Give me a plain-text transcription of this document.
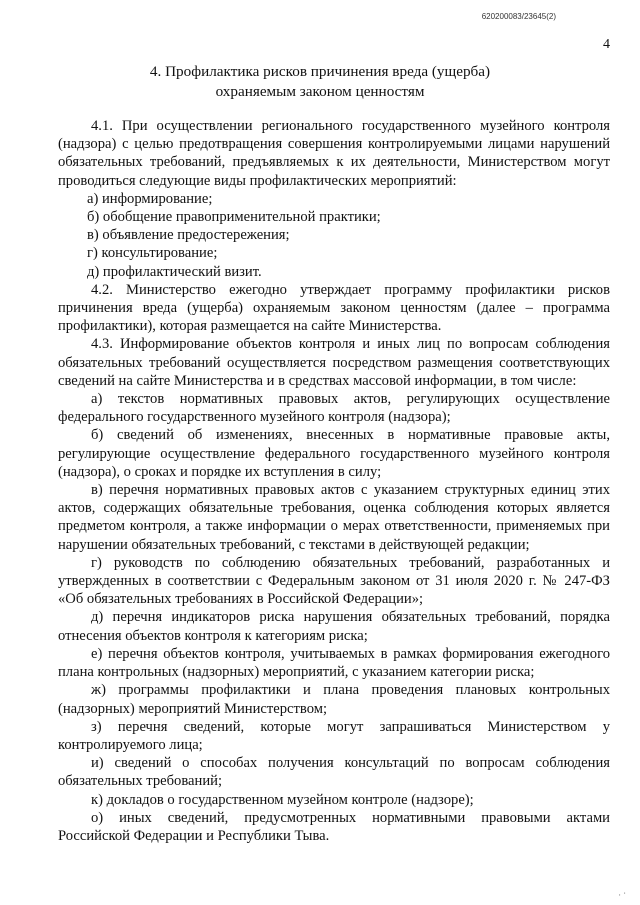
620200083/23645(2)
4
4. Профилактика рисков причинения вреда (ущерба)
охраняемым законом ценностям

4.1. При осуществлении регионального государственного музейного контроля (надзора) с целью предотвращения совершения контролируемыми лицами нарушений обязательных требований, предъявляемых к их деятельности, Министерством могут проводиться следующие виды профилактических мероприятий:

а) информирование;

б) обобщение правоприменительной практики;

в) объявление предостережения;

г) консультирование;

д) профилактический визит.

4.2. Министерство ежегодно утверждает программу профилактики рисков причинения вреда (ущерба) охраняемым законом ценностям (далее – программа профилактики), которая размещается на сайте Министерства.

4.3. Информирование объектов контроля и иных лиц по вопросам соблюдения обязательных требований осуществляется посредством размещения соответствующих сведений на сайте Министерства и в средствах массовой информации, в том числе:

а) текстов нормативных правовых актов, регулирующих осуществление федерального государственного музейного контроля (надзора);

б) сведений об изменениях, внесенных в нормативные правовые акты, регулирующие осуществление федерального государственного музейного контроля (надзора), о сроках и порядке их вступления в силу;

в) перечня нормативных правовых актов с указанием структурных единиц этих актов, содержащих обязательные требования, оценка соблюдения которых является предметом контроля, а также информации о мерах ответственности, применяемых при нарушении обязательных требований, с текстами в действующей редакции;

г) руководств по соблюдению обязательных требований, разработанных и утвержденных в соответствии с Федеральным законом от 31 июля 2020 г. № 247-ФЗ «Об обязательных требованиях в Российской Федерации»;

д) перечня индикаторов риска нарушения обязательных требований, порядка отнесения объектов контроля к категориям риска;

е) перечня объектов контроля, учитываемых в рамках формирования ежегодного плана контрольных (надзорных) мероприятий, с указанием категории риска;

ж) программы профилактики и плана проведения плановых контрольных (надзорных) мероприятий Министерством;

з) перечня сведений, которые могут запрашиваться Министерством у контролируемого лица;

и) сведений о способах получения консультаций по вопросам соблюдения обязательных требований;

к) докладов о государственном музейном контроле (надзоре);

о) иных сведений, предусмотренных нормативными правовыми актами Российской Федерации и Республики Тыва.

· ·
